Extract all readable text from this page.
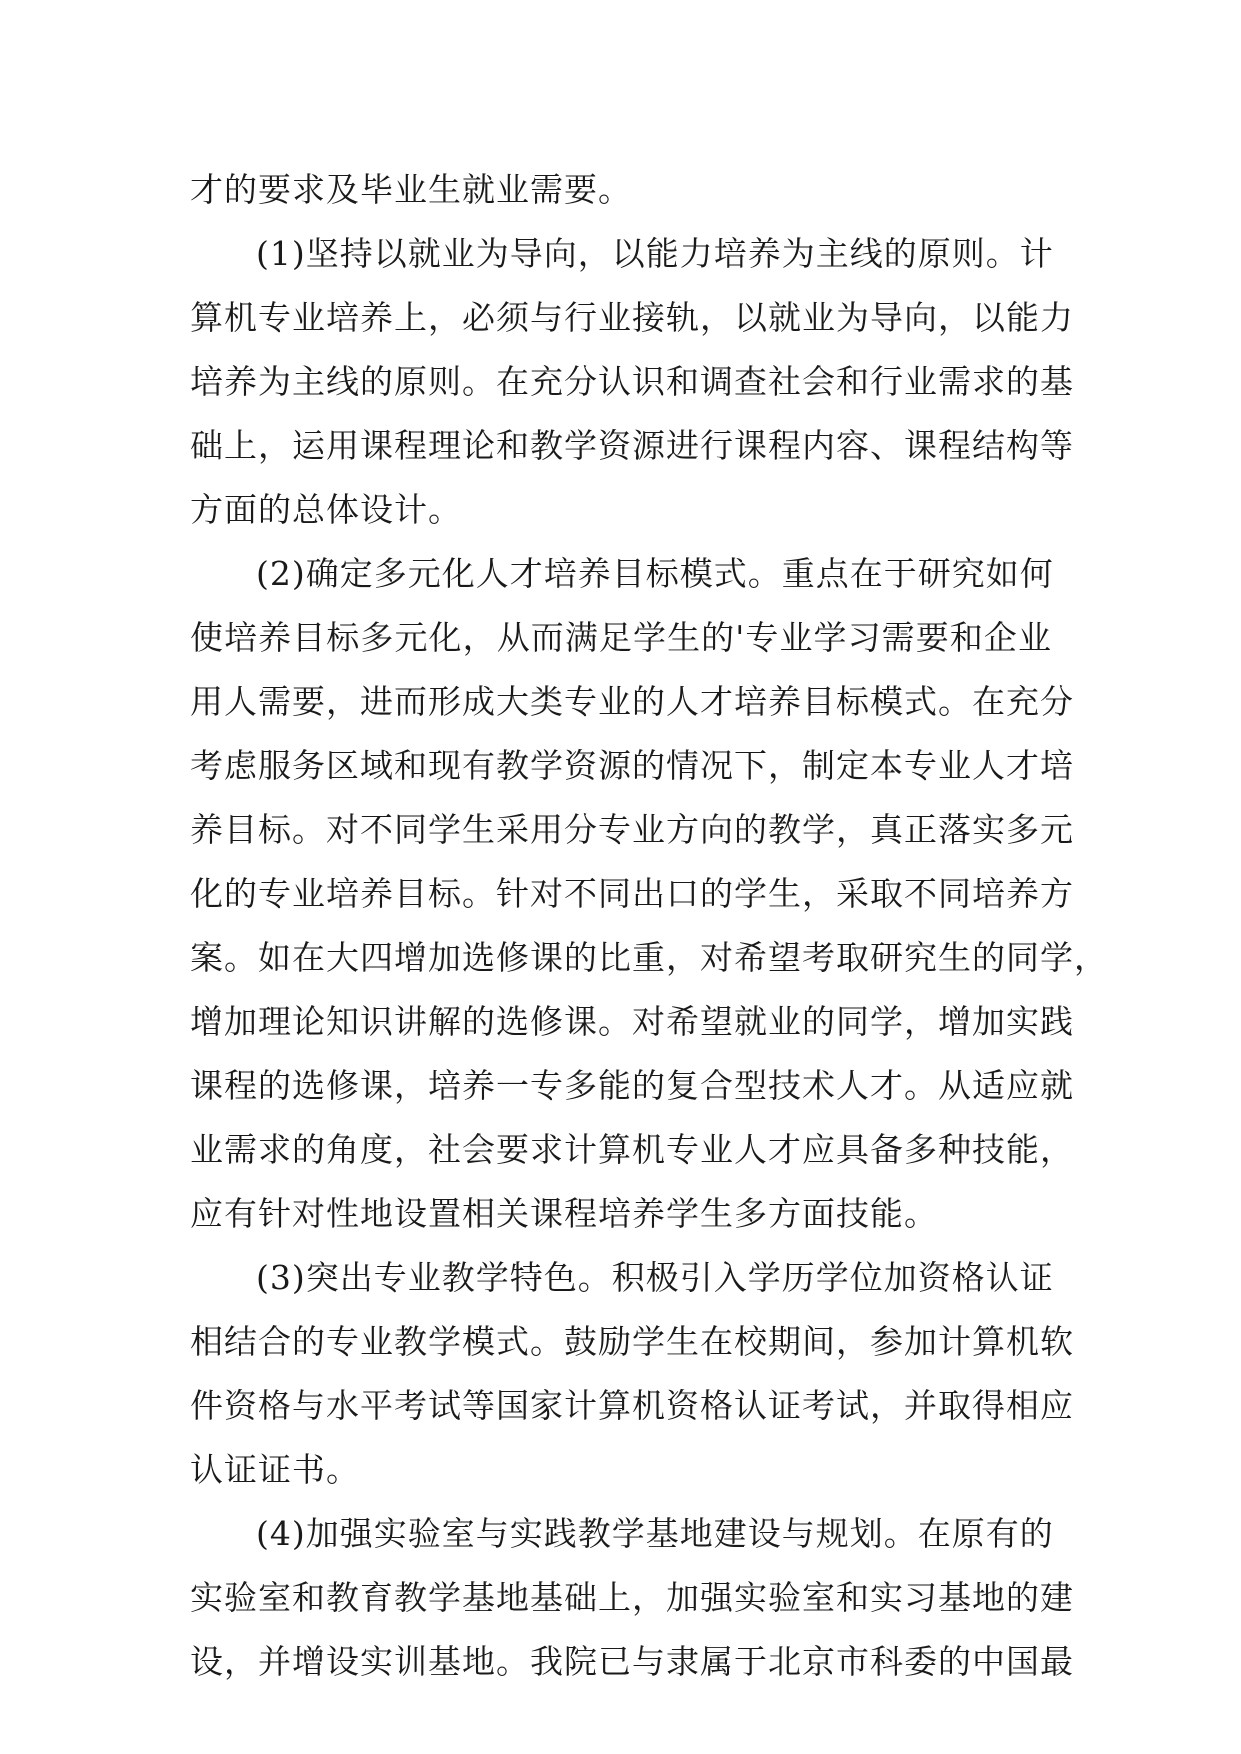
才的要求及毕业生就业需要。
(1)坚持以就业为导向，以能力培养为主线的原则。计
算机专业培养上，必须与行业接轨，以就业为导向，以能力
培养为主线的原则。在充分认识和调查社会和行业需求的基
础上，运用课程理论和教学资源进行课程内容、课程结构等
方面的总体设计。
(2)确定多元化人才培养目标模式。重点在于研究如何
使培养目标多元化，从而满足学生的'专业学习需要和企业
用人需要，进而形成大类专业的人才培养目标模式。在充分
考虑服务区域和现有教学资源的情况下，制定本专业人才培
养目标。对不同学生采用分专业方向的教学，真正落实多元
化的专业培养目标。针对不同出口的学生，采取不同培养方
案。如在大四增加选修课的比重，对希望考取研究生的同学，
增加理论知识讲解的选修课。对希望就业的同学，增加实践
课程的选修课，培养一专多能的复合型技术人才。从适应就
业需求的角度，社会要求计算机专业人才应具备多种技能，
应有针对性地设置相关课程培养学生多方面技能。
(3)突出专业教学特色。积极引入学历学位加资格认证
相结合的专业教学模式。鼓励学生在校期间，参加计算机软
件资格与水平考试等国家计算机资格认证考试，并取得相应
认证证书。
(4)加强实验室与实践教学基地建设与规划。在原有的
实验室和教育教学基地基础上，加强实验室和实习基地的建
设，并增设实训基地。我院已与隶属于北京市科委的中国最
